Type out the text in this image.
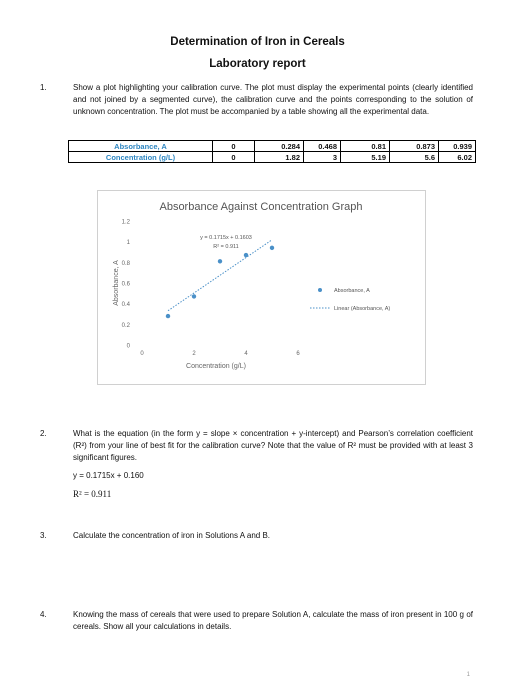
Determination of Iron in Cereals
Laboratory report
1.	Show a plot highlighting your calibration curve. The plot must display the experimental points (clearly identified and not joined by a segmented curve), the calibration curve and the points corresponding to the solution of unknown concentration. The plot must be accompanied by a table showing all the experimental data.
Absorbance, A	0	0.284	0.468	0.81	0.873	0.939
Concentration (g/L)	0	1.82	3	5.19	5.6	6.02
Absorbance Against Concentration Graph
0
0.2
0.4
0.6
0.8
1
1.2
0	2	4	6
Concentration (g/L)
Absorbance, A
y = 0.1715x + 0.1603
R² = 0.911
Absorbance, A
Linear (Absorbance, A)
2.	What is the equation (in the form y = slope × concentration + y-intercept) and Pearson’s correlation coefficient (R²) from your line of best fit for the calibration curve? Note that the value of R² must be provided with at least 3 significant figures.
y = 0.1715x + 0.160
R² = 0.911
3.	Calculate the concentration of iron in Solutions A and B.
4.	Knowing the mass of cereals that were used to prepare Solution A, calculate the mass of iron present in 100 g of cereals. Show all your calculations in details.
1
